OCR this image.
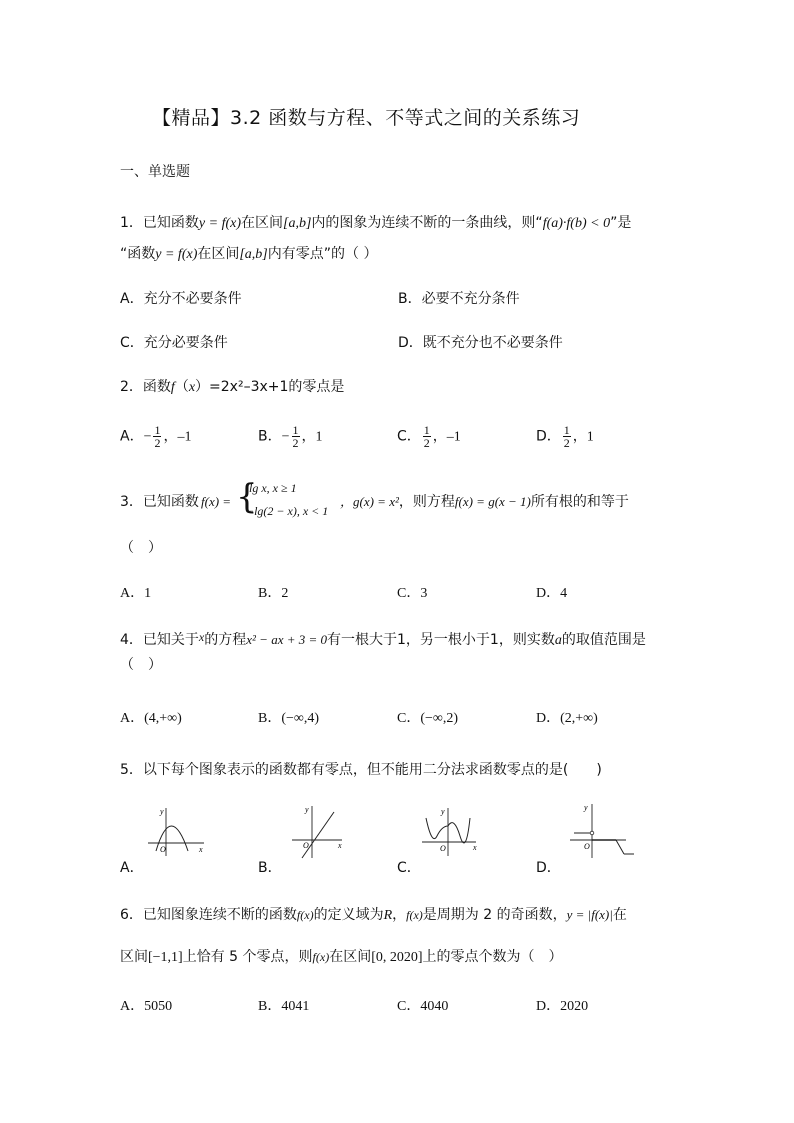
【精品】3.2 函数与方程、不等式之间的关系练习
一、单选题
1．已知函数y = f(x)在区间[a,b]内的图象为连续不断的一条曲线，则“f(a)·f(b) < 0”是
“函数y = f(x)在区间[a,b]内有零点”的（ ）
A．充分不必要条件	B．必要不充分条件
C．充分必要条件	D．既不充分也不必要条件
2．函数f（x）=2x²–3x+1的零点是
A．− $\frac{1}{2}$ ，–1	B．− $\frac{1}{2}$ ，1	C． $\frac{1}{2}$ ，–1	D． $\frac{1}{2}$ ，1
3．已知函数 f(x) = {
lg x, x ≥ 1
−lg(2 − x), x < 1
，g(x) = x²，则方程f(x) = g(x − 1)所有根的和等于
（　）
A．1	B．2	C．3	D．4
4．已知关于x的方程x² − ax + 3 = 0有一根大于1，另一根小于1，则实数a的取值范围是
（　）
A．(4,+∞)	B．(−∞,4)	C．(−∞,2)	D．(2,+∞)
5．以下每个图象表示的函数都有零点，但不能用二分法求函数零点的是(　　)
A．
y
x
O
B．
y
x
O
C．
y
x
O
D．
y
O
6．已知图象连续不断的函数f(x)的定义域为R，f(x)是周期为 2 的奇函数，y = |f(x)|在
区间[−1,1]上恰有 5 个零点，则f(x)在区间[0, 2020]上的零点个数为（　）
A．5050	B．4041	C．4040	D．2020
